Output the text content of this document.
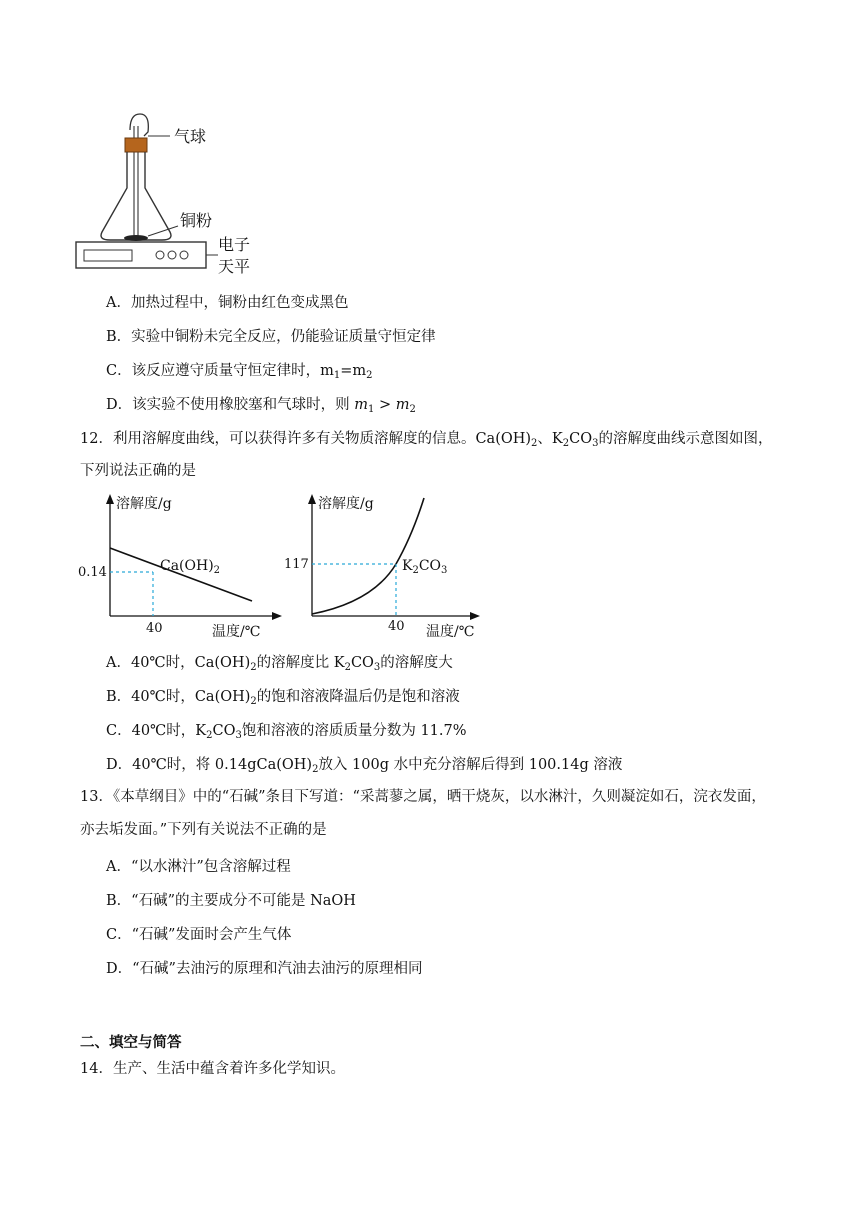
气球
铜粉
电子
天平
A．加热过程中，铜粉由红色变成黑色
B．实验中铜粉未完全反应，仍能验证质量守恒定律
C．该反应遵守质量守恒定律时，$m_1=m_2$
D．该实验不使用橡胶塞和气球时，则 $m_1 > m_2$
12．利用溶解度曲线，可以获得许多有关物质溶解度的信息。$Ca(OH)_2$、$K_2CO_3$的溶解度曲线示意图如图，
下列说法正确的是
溶解度/g
$Ca(OH)_2$
0.14
40	温度/℃
溶解度/g
$K_2CO_3$
117
40 温度/℃
A．40℃时，$Ca(OH)_2$的溶解度比 $K_2CO_3$的溶解度大
B．40℃时，$Ca(OH)_2$的饱和溶液降温后仍是饱和溶液
C．40℃时，$K_2CO_3$饱和溶液的溶质质量分数为 11.7%
D．40℃时，将 $0.14gCa(OH)_2$放入 100g 水中充分溶解后得到 100.14g 溶液
13．《本草纲目》中的“石碱”条目下写道：“采蒿蓼之属，晒干烧灰，以水淋汁，久则凝淀如石，浣衣发面，亦去垢发面。”下列有关说法不正确的是
A．“以水淋汁”包含溶解过程
B．“石碱”的主要成分不可能是 NaOH
C．“石碱”发面时会产生气体
D．“石碱”去油污的原理和汽油去油污的原理相同
二、填空与简答
14．生产、生活中蕴含着许多化学知识。
